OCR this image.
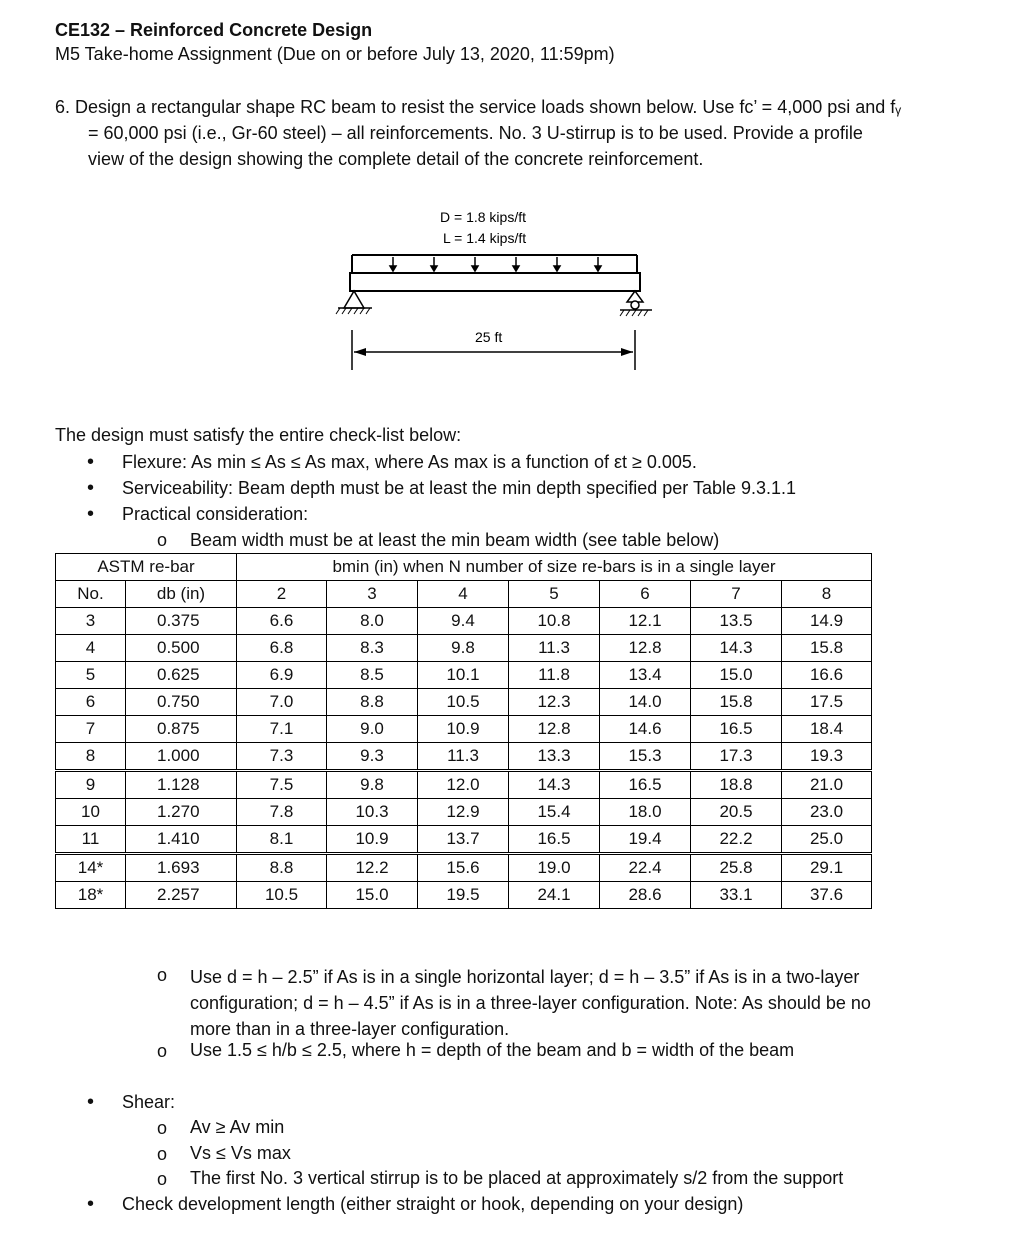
CE132 – Reinforced Concrete Design
M5 Take-home Assignment (Due on or before July 13, 2020, 11:59pm)
6. Design a rectangular shape RC beam to resist the service loads shown below. Use fᴄ’ = 4,000 psi and fᵧ
= 60,000 psi (i.e., Gr-60 steel) – all reinforcements. No. 3 U-stirrup is to be used. Provide a profile
view of the design showing the complete detail of the concrete reinforcement.
D = 1.8 kips/ft
L = 1.4 kips/ft
25 ft
The design must satisfy the entire check-list below:
• Flexure: As min ≤ As ≤ As max, where As max is a function of εt ≥ 0.005.
• Serviceability: Beam depth must be at least the min depth specified per Table 9.3.1.1
• Practical consideration:
o Beam width must be at least the min beam width (see table below)
ASTM re-bar		bmin (in) when N number of size re-bars is in a single layer						
No.	db (in)	2	3	4	5	6	7	8
3	0.375	6.6	8.0	9.4	10.8	12.1	13.5	14.9
4	0.500	6.8	8.3	9.8	11.3	12.8	14.3	15.8
5	0.625	6.9	8.5	10.1	11.8	13.4	15.0	16.6
6	0.750	7.0	8.8	10.5	12.3	14.0	15.8	17.5
7	0.875	7.1	9.0	10.9	12.8	14.6	16.5	18.4
8	1.000	7.3	9.3	11.3	13.3	15.3	17.3	19.3
9	1.128	7.5	9.8	12.0	14.3	16.5	18.8	21.0
10	1.270	7.8	10.3	12.9	15.4	18.0	20.5	23.0
11	1.410	8.1	10.9	13.7	16.5	19.4	22.2	25.0
14*	1.693	8.8	12.2	15.6	19.0	22.4	25.8	29.1
18*	2.257	10.5	15.0	19.5	24.1	28.6	33.1	37.6
o Use d = h – 2.5” if As is in a single horizontal layer; d = h – 3.5” if As is in a two-layer
configuration; d = h – 4.5” if As is in a three-layer configuration. Note: As should be no
more than in a three-layer configuration.
o Use 1.5 ≤ h/b ≤ 2.5, where h = depth of the beam and b = width of the beam
• Shear:
o Av ≥ Av min
o Vs ≤ Vs max
o The first No. 3 vertical stirrup is to be placed at approximately s/2 from the support
• Check development length (either straight or hook, depending on your design)
